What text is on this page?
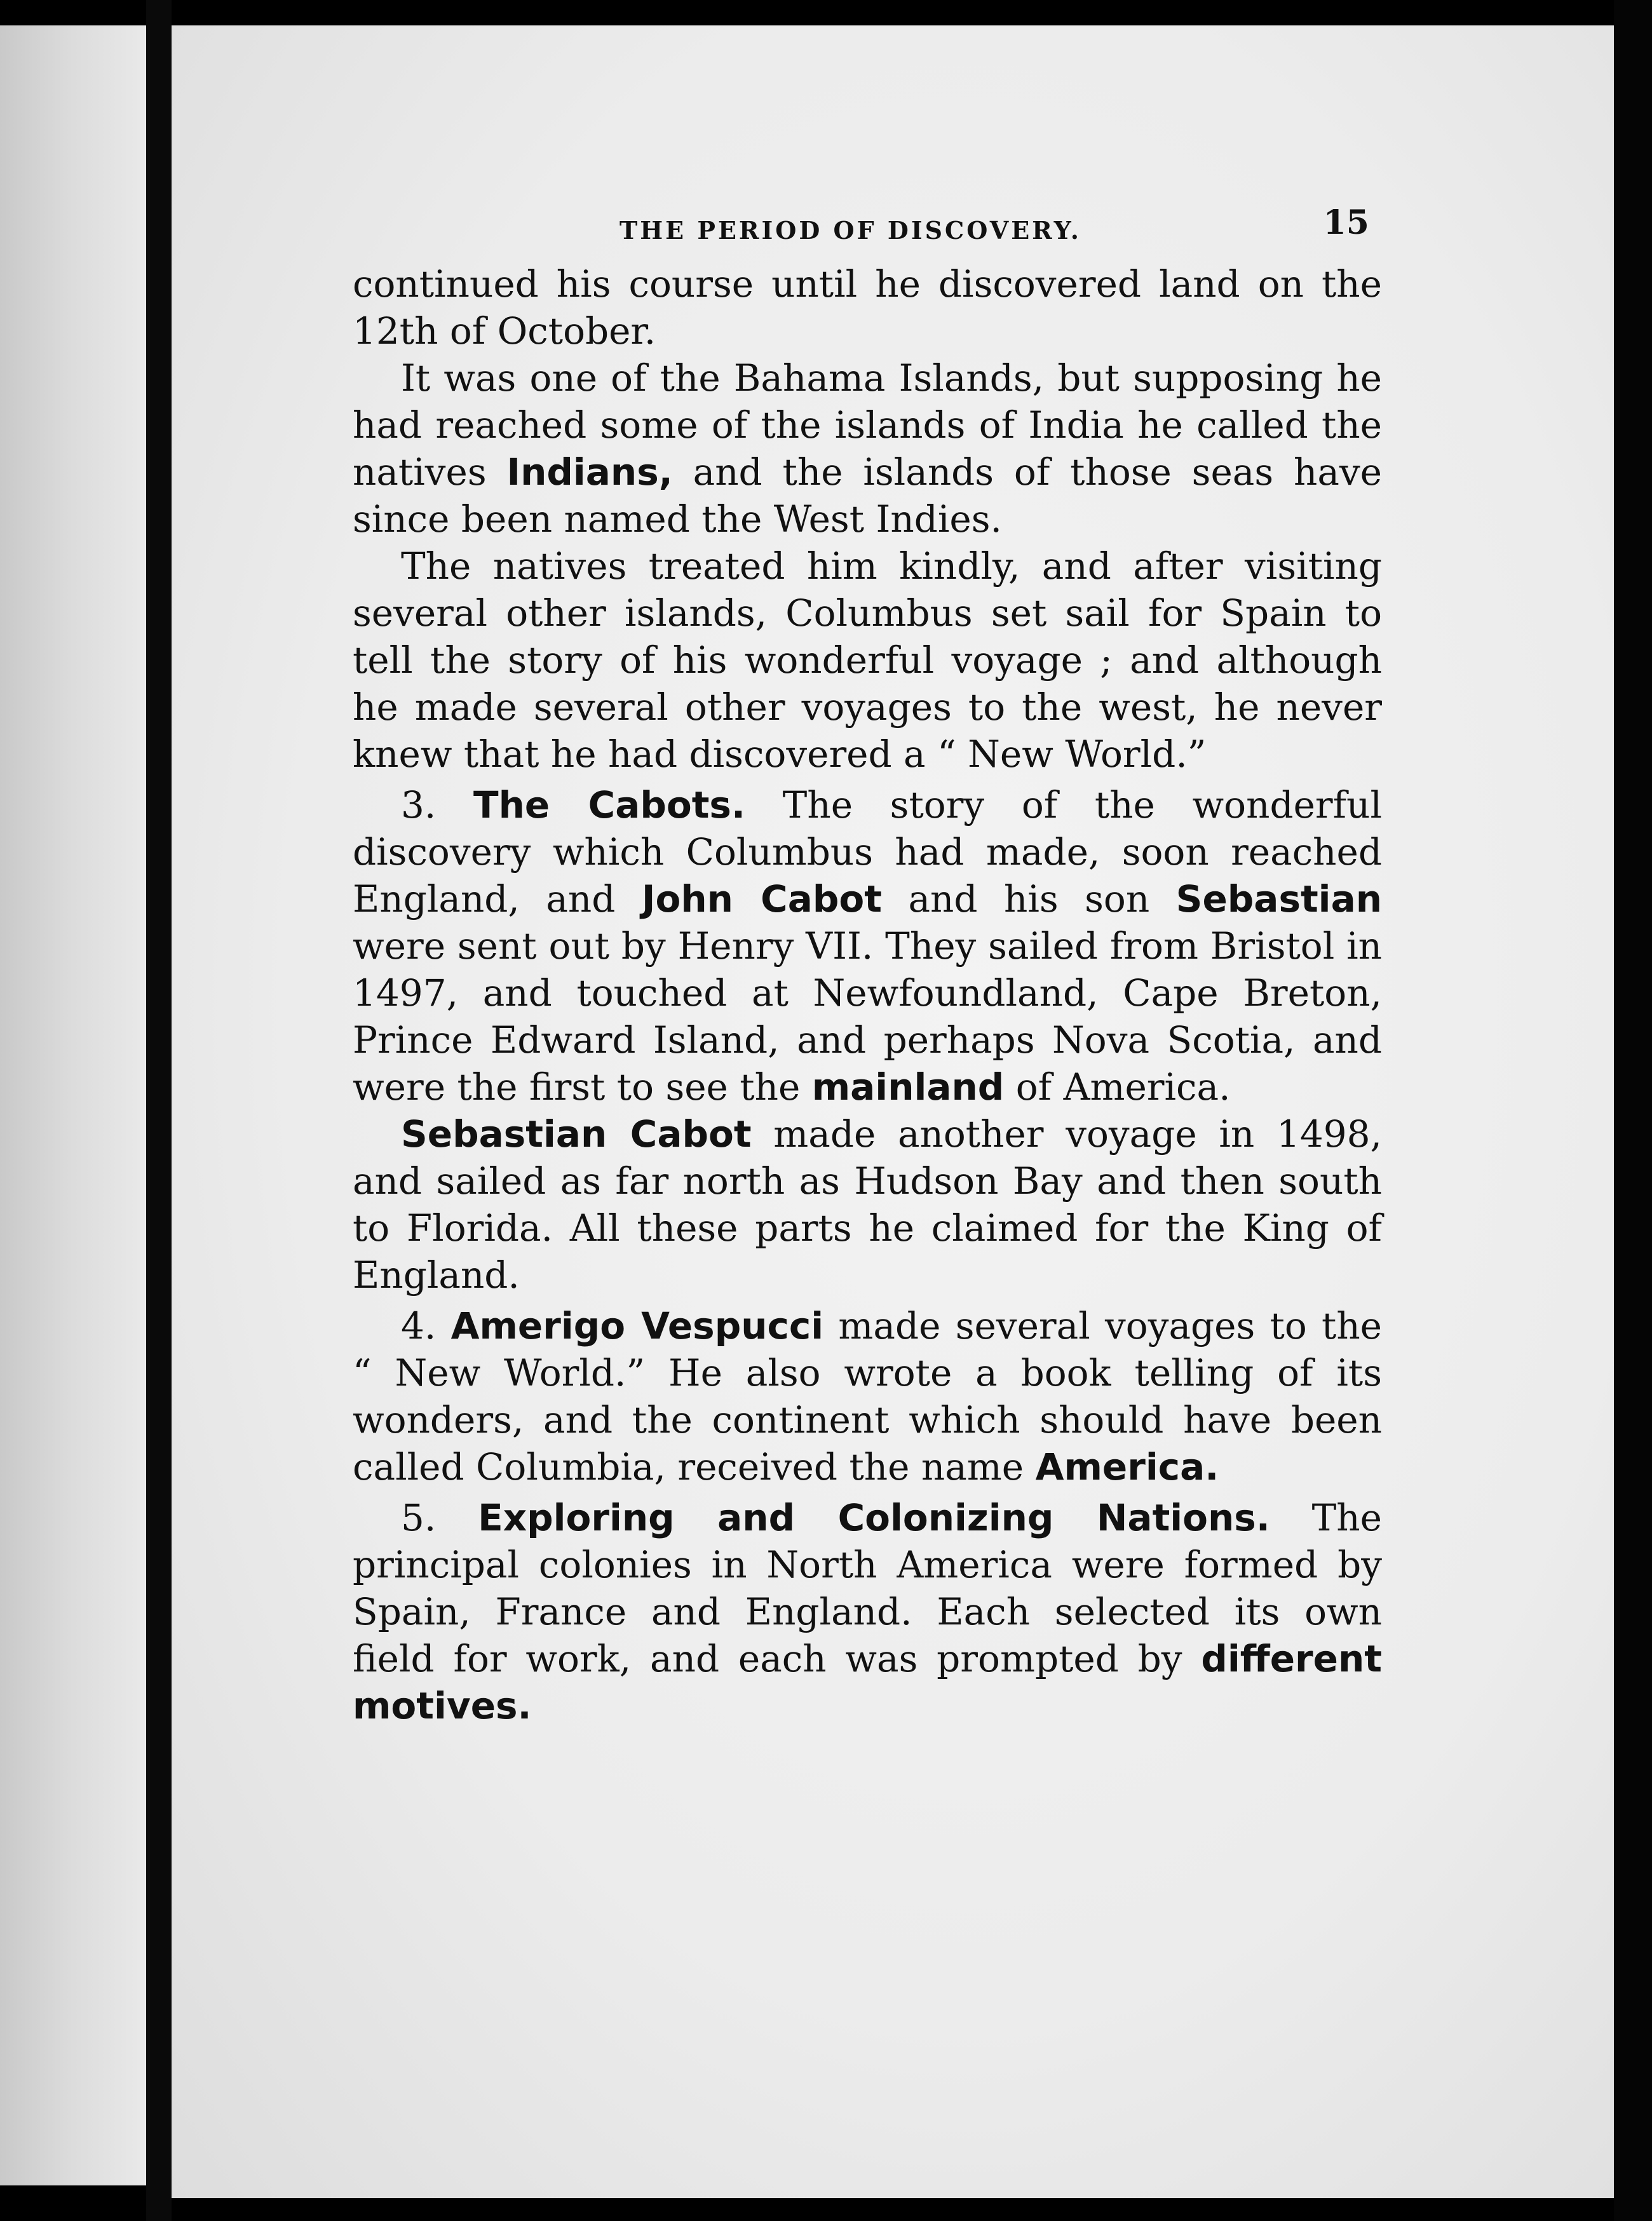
THE PERIOD OF DISCOVERY.	15

continued his course until he discovered land on the 12th of October.

It was one of the Bahama Islands, but supposing he had reached some of the islands of India he called the natives Indians, and the islands of those seas have since been named the West Indies.

The natives treated him kindly, and after visiting several other islands, Columbus set sail for Spain to tell the story of his wonderful voyage ; and although he made several other voyages to the west, he never knew that he had discovered a “ New World.”

3. The Cabots. The story of the wonderful discovery which Columbus had made, soon reached England, and John Cabot and his son Sebastian were sent out by Henry VII. They sailed from Bristol in 1497, and touched at Newfoundland, Cape Breton, Prince Edward Island, and perhaps Nova Scotia, and were the first to see the mainland of America.

Sebastian Cabot made another voyage in 1498, and sailed as far north as Hudson Bay and then south to Florida. All these parts he claimed for the King of England.

4. Amerigo Vespucci made several voyages to the “ New World.” He also wrote a book telling of its wonders, and the continent which should have been called Columbia, received the name America.

5. Exploring and Colonizing Nations. The principal colonies in North America were formed by Spain, France and England. Each selected its own field for work, and each was prompted by different motives.
